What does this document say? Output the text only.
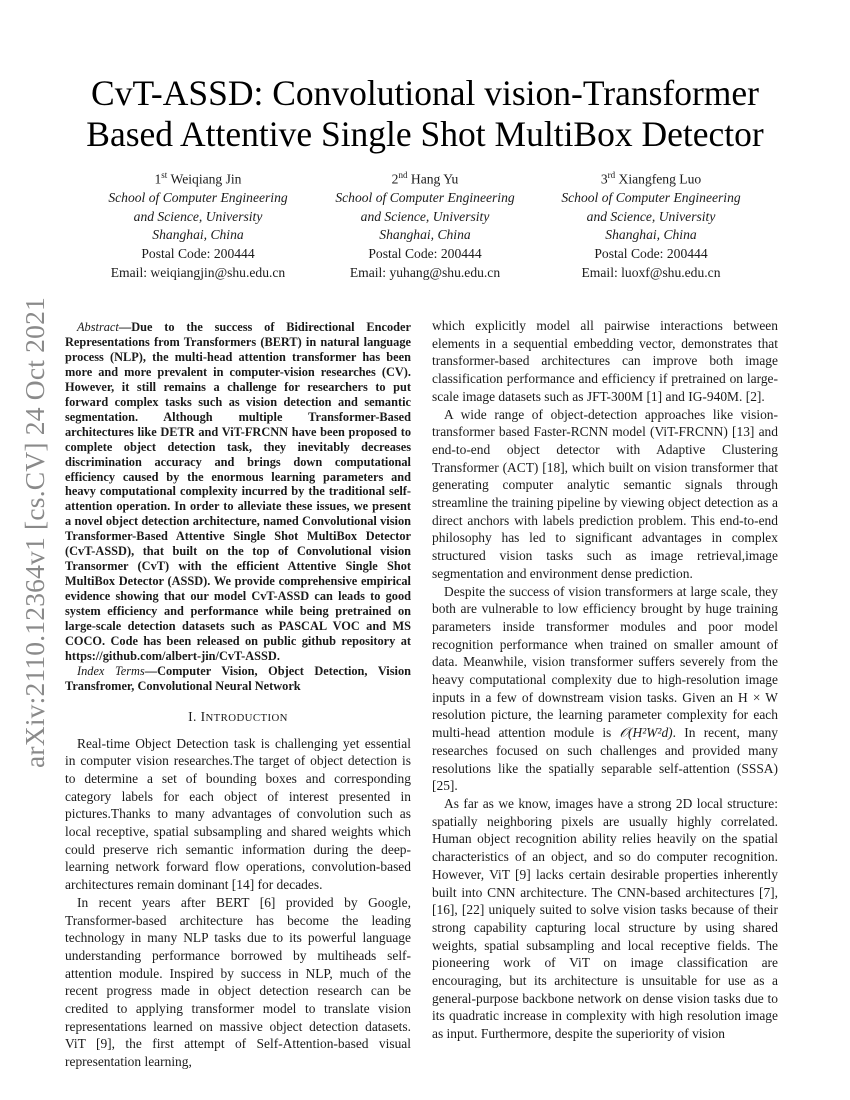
arXiv:2110.12364v1 [cs.CV] 24 Oct 2021
CvT-ASSD: Convolutional vision-Transformer
Based Attentive Single Shot MultiBox Detector
1st Weiqiang Jin
School of Computer Engineering
and Science, University
Shanghai, China
Postal Code: 200444
Email: weiqiangjin@shu.edu.cn
2nd Hang Yu
School of Computer Engineering
and Science, University
Shanghai, China
Postal Code: 200444
Email: yuhang@shu.edu.cn
3rd Xiangfeng Luo
School of Computer Engineering
and Science, University
Shanghai, China
Postal Code: 200444
Email: luoxf@shu.edu.cn

Abstract—Due to the success of Bidirectional Encoder Representations from Transformers (BERT) in natural language process (NLP), the multi-head attention transformer has been more and more prevalent in computer-vision researches (CV). However, it still remains a challenge for researchers to put forward complex tasks such as vision detection and semantic segmentation. Although multiple Transformer-Based architectures like DETR and ViT-FRCNN have been proposed to complete object detection task, they inevitably decreases discrimination accuracy and brings down computational efficiency caused by the enormous learning parameters and heavy computational complexity incurred by the traditional self-attention operation. In order to alleviate these issues, we present a novel object detection architecture, named Convolutional vision Transformer-Based Attentive Single Shot MultiBox Detector (CvT-ASSD), that built on the top of Convolutional vision Transormer (CvT) with the efficient Attentive Single Shot MultiBox Detector (ASSD). We provide comprehensive empirical evidence showing that our model CvT-ASSD can leads to good system efficiency and performance while being pretrained on large-scale detection datasets such as PASCAL VOC and MS COCO. Code has been released on public github repository at https://github.com/albert-jin/CvT-ASSD.

Index Terms—Computer Vision, Object Detection, Vision Transfromer, Convolutional Neural Network

I. INTRODUCTION

Real-time Object Detection task is challenging yet essential in computer vision researches.The target of object detection is to determine a set of bounding boxes and corresponding category labels for each object of interest presented in pictures.Thanks to many advantages of convolution such as local receptive, spatial subsampling and shared weights which could preserve rich semantic information during the deep-learning network forward flow operations, convolution-based architectures remain dominant [14] for decades.

In recent years after BERT [6] provided by Google, Transformer-based architecture has become the leading technology in many NLP tasks due to its powerful language understanding performance borrowed by multiheads self-attention module. Inspired by success in NLP, much of the recent progress made in object detection research can be credited to applying transformer model to translate vision representations learned on massive object detection datasets. ViT [9], the first attempt of Self-Attention-based visual representation learning,

which explicitly model all pairwise interactions between elements in a sequential embedding vector, demonstrates that transformer-based architectures can improve both image classification performance and efficiency if pretrained on large-scale image datasets such as JFT-300M [1] and IG-940M. [2].

A wide range of object-detection approaches like vision-transformer based Faster-RCNN model (ViT-FRCNN) [13] and end-to-end object detector with Adaptive Clustering Transformer (ACT) [18], which built on vision transformer that generating computer analytic semantic signals through streamline the training pipeline by viewing object detection as a direct anchors with labels prediction problem. This end-to-end philosophy has led to significant advantages in complex structured vision tasks such as image retrieval,image segmentation and environment dense prediction.

Despite the success of vision transformers at large scale, they both are vulnerable to low efficiency brought by huge training parameters inside transformer modules and poor model recognition performance when trained on smaller amount of data. Meanwhile, vision transformer suffers severely from the heavy computational complexity due to high-resolution image inputs in a few of downstream vision tasks. Given an H × W resolution picture, the learning parameter complexity for each multi-head attention module is 𝒪(H²W²d). In recent, many researches focused on such challenges and provided many resolutions like the spatially separable self-attention (SSSA) [25].

As far as we know, images have a strong 2D local structure: spatially neighboring pixels are usually highly correlated. Human object recognition ability relies heavily on the spatial characteristics of an object, and so do computer recognition. However, ViT [9] lacks certain desirable properties inherently built into CNN architecture. The CNN-based architectures [7], [16], [22] uniquely suited to solve vision tasks because of their strong capability capturing local structure by using shared weights, spatial subsampling and local receptive fields. The pioneering work of ViT on image classification are encouraging, but its architecture is unsuitable for use as a general-purpose backbone network on dense vision tasks due to its quadratic increase in complexity with high resolution image as input. Furthermore, despite the superiority of vision
